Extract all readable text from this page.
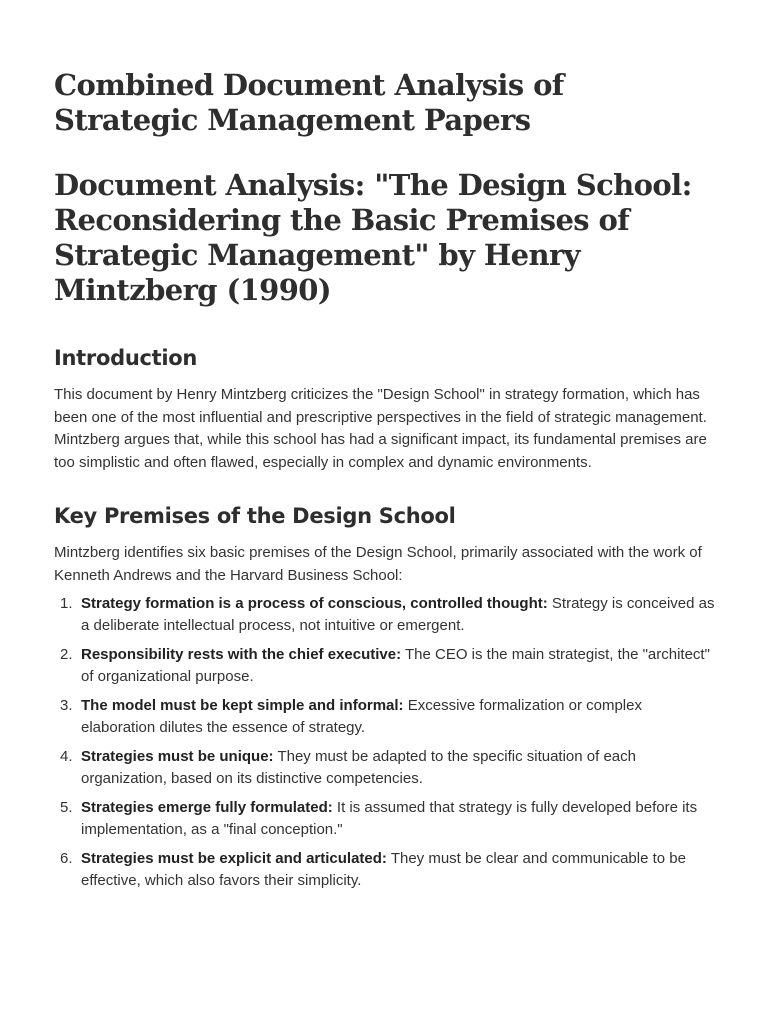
Combined Document Analysis of Strategic Management Papers
Document Analysis: "The Design School: Reconsidering the Basic Premises of Strategic Management" by Henry Mintzberg (1990)
Introduction

This document by Henry Mintzberg criticizes the "Design School" in strategy formation, which has been one of the most influential and prescriptive perspectives in the field of strategic management. Mintzberg argues that, while this school has had a significant impact, its fundamental premises are too simplistic and often flawed, especially in complex and dynamic environments.

Key Premises of the Design School

Mintzberg identifies six basic premises of the Design School, primarily associated with the work of Kenneth Andrews and the Harvard Business School:

1. Strategy formation is a process of conscious, controlled thought: Strategy is conceived as a deliberate intellectual process, not intuitive or emergent.
2. Responsibility rests with the chief executive: The CEO is the main strategist, the "architect" of organizational purpose.
3. The model must be kept simple and informal: Excessive formalization or complex elaboration dilutes the essence of strategy.
4. Strategies must be unique: They must be adapted to the specific situation of each organization, based on its distinctive competencies.
5. Strategies emerge fully formulated: It is assumed that strategy is fully developed before its implementation, as a "final conception."
6. Strategies must be explicit and articulated: They must be clear and communicable to be effective, which also favors their simplicity.
